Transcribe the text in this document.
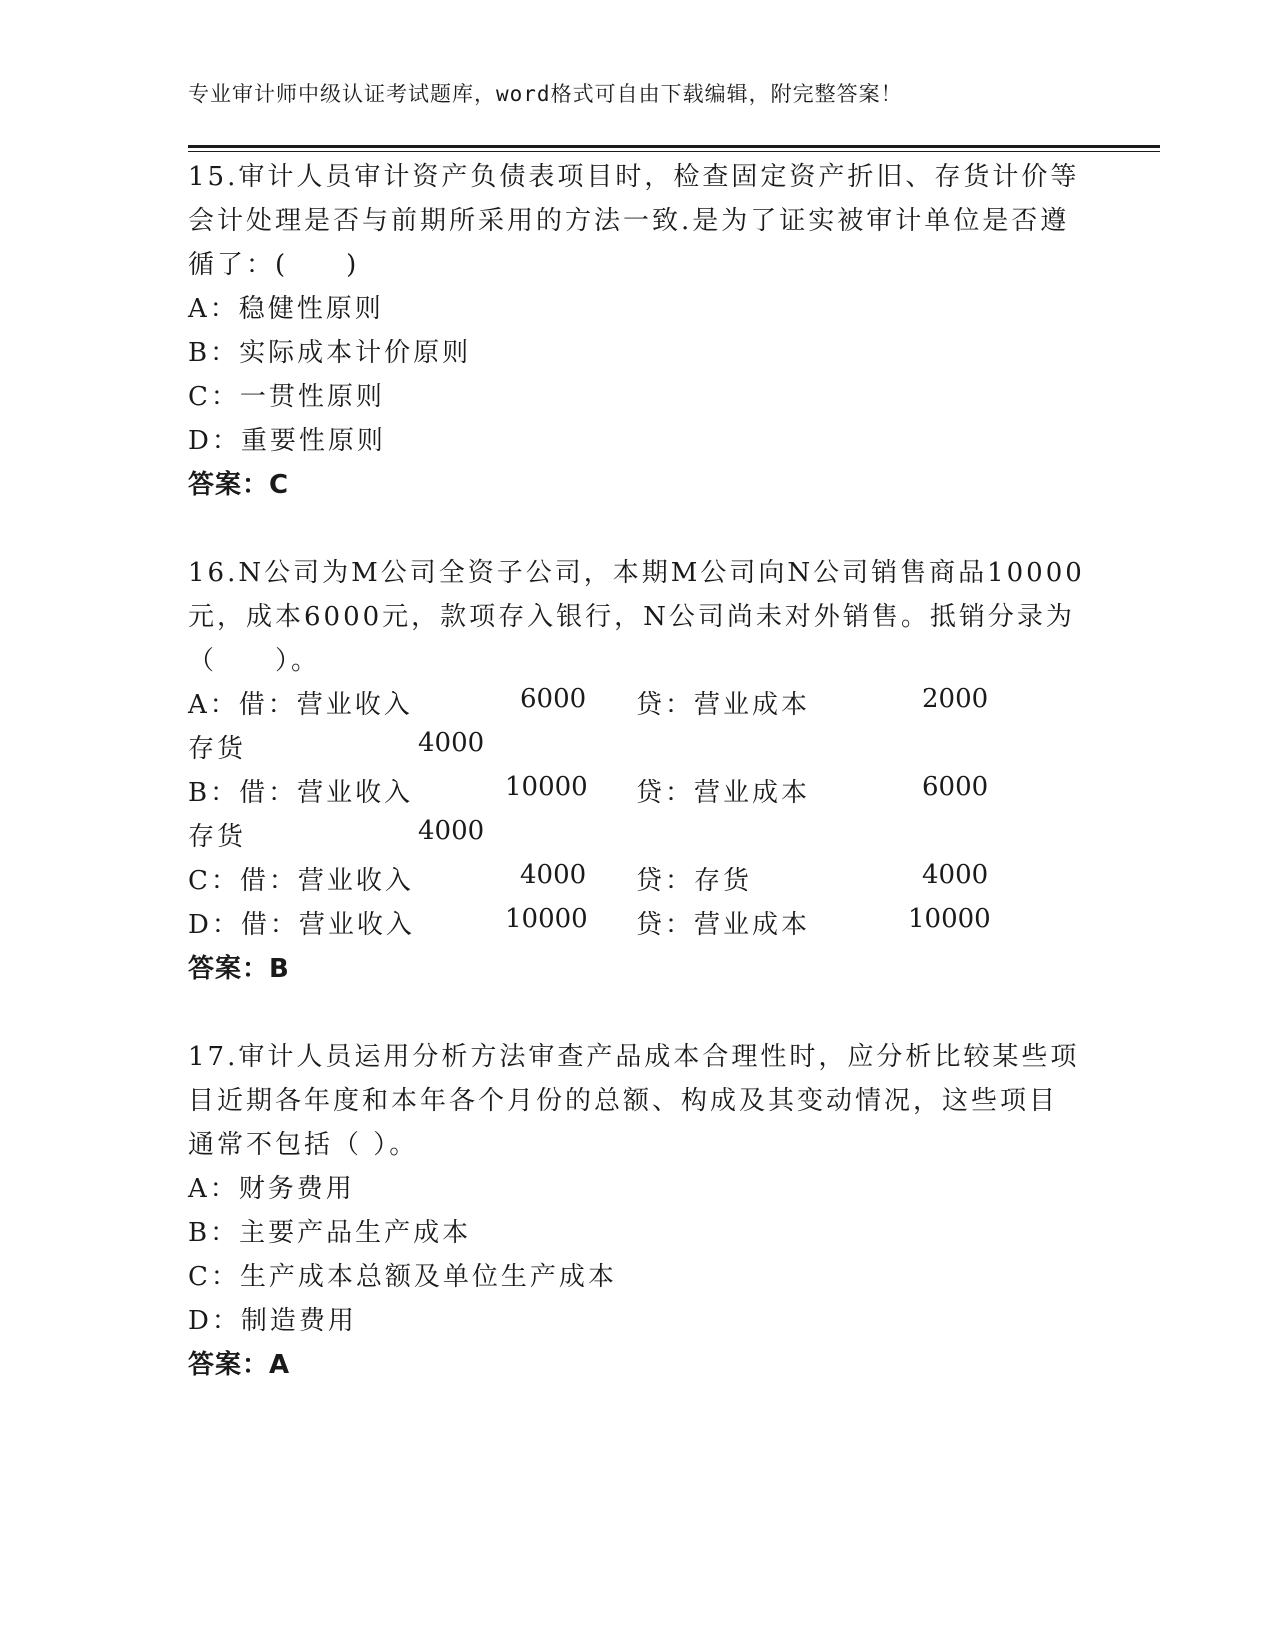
专业审计师中级认证考试题库，word格式可自由下载编辑，附完整答案！
15.审计人员审计资产负债表项目时，检查固定资产折旧、存货计价等
会计处理是否与前期所采用的方法一致.是为了证实被审计单位是否遵
循了：(　　)
A：稳健性原则
B：实际成本计价原则
C：一贯性原则
D：重要性原则
答案：C
16.N公司为M公司全资子公司，本期M公司向N公司销售商品10000
元，成本6000元，款项存入银行，N公司尚未对外销售。抵销分录为
（　　）。
A：借：营业收入	6000 贷：营业成本	2000
存货	4000
B：借：营业收入	10000 贷：营业成本	6000
存货	4000
C：借：营业收入	4000 贷：存货	4000
D：借：营业收入	10000 贷：营业成本	10000
答案：B
17.审计人员运用分析方法审查产品成本合理性时，应分析比较某些项
目近期各年度和本年各个月份的总额、构成及其变动情况，这些项目
通常不包括（ ）。
A：财务费用
B：主要产品生产成本
C：生产成本总额及单位生产成本
D：制造费用
答案：A
